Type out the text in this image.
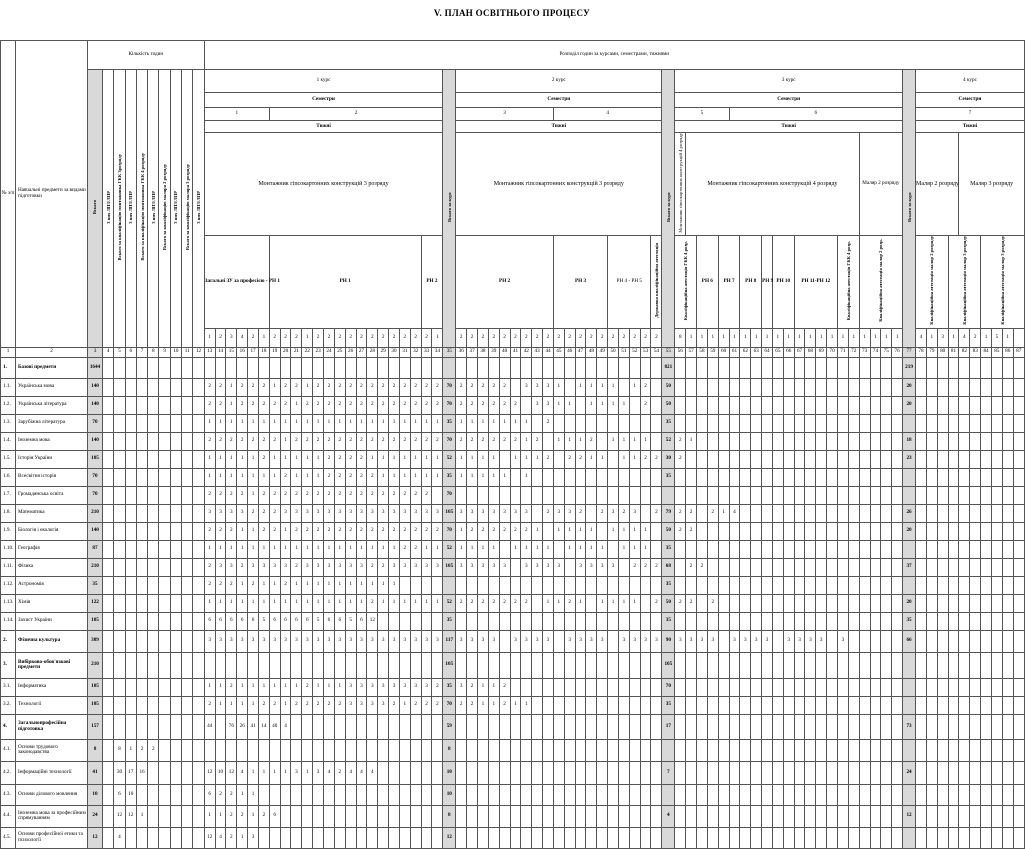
V. ПЛАН ОСВІТНЬОГО ПРОЦЕСУ
№ з/п	Навчальні предмети за видами підготовки	Кількість годин	Розподіл годин за курсами, семестрами, тижнями
Всього	З них ЛПЗ/ЛПР	Всього за кваліфікацію монтажника ГКК 3розряду	З них ЛПЗ/ЛПР	Всього за кваліфікацію монтажника ГКК 4 розряду	З них ЛПЗ/ЛПР	Всього за кваліфікацію маляра 2 розряду	З них ЛПЗ/ЛПР	Всього за кваліфікацію маляра 3 розряду	З них ЛПЗ/ЛПР	1 курс	Всього за курс	2 курс	Всього за курс	3 курс	Всього за курс	4 курс
Семестри	Семестри	Семестри	Семестри
1	2	3	4	5	6	7
Тижні	Тижні	Тижні	Тижні
Монтажник гіпсокартонних конструкцій 3 розряду	Монтажник гіпсокартонних конструкцій 3 розряду	Монтажник гіпсокартонних конструкцій 4 розряду	Монтажник гіпсокартонних конструкцій 4 розряду	Маляр 2 розряду	Маляр 2 розряду	Маляр 3 розряду
Загальні ЗУ за професією - РН 1	РН 1	РН 2	РН 2	РН 3	РН 4 - РН 5	Державна кваліфікаційна атестація	Кваліфікаційна атестація ГКК 4 розр.	РН 6	РН 7	РН 8	РН 9	РН 10	РН 11-РН 12	Кваліфікаційна атестація ГКК 4 розр.	Кваліфікаційна атестація маляр 2 розр.	Кваліфікаційна атестація маляр 2 розряду	Кваліфікаційна атестація маляр 3 розряду	Кваліфікаційна атестація маляр 3 розряду
1	2	3	4	2	1	2	2	2	1	2	2	2	2	2	2	2	2	2	2	2	1	2	2	2	2	2	2	2	2	2	2	2	2	2	2	2	2	2	2	2	8	1	1	1	1	1	1	1	1	1	1	1	1	1	1	1	1	1	1	1	1	4	1	3	1	4	2	1	5	1	
1	2	3	4	5	6	7	8	9	10	11	12	13	14	15	16	17	18	19	20	21	22	23	24	25	26	27	28	29	30	31	32	33	34	35	36	37	38	39	40	41	42	43	44	45	46	47	48	49	50	51	52	53	54	55	56	57	58	59	60	61	62	63	64	65	66	67	68	69	70	71	72	73	74	75	76	77	78	79	80	81	82	83	84	85	86	87
1.	Базові предмети	1644																																																				821																						219										
1.1.	Українська мова	140										2	2	1	2	2	2	1	2	2	1	2	2	2	2	2	2	2	2	2	2	2	2	70	2	2	2	2	2		3	3	3	1		1	1	1	1		1	2		50																						20										
1.2.	Українська література	140										2	2	1	2	2	2	2	2	1	2	2	2	2	2	2	2	2	2	2	2	2	2	70	2	2	2	2	2	2		3	3	1	1		1	1	1	1		2		50																						20										
1.3.	Зарубіжна література	70										1	1	1	1	1	1	1	1	1	1	1	1	1	1	1	1	1	1	1	1	1	1	35	1	1	1	1	1	1	1		2											35																																
1.4.	Іноземна мова	140										2	2	2	2	2	2	2	1	2	2	2	2	2	2	2	2	2	2	2	2	2	2	70	2	2	2	2	2	2	1	2		1	1	1	2		1	1	1	1		52	2	1																				18										
1.5.	Історія України	105										1	1	1	1	1	2	1	1	1	1	1	2	2	2	2	1	1	1	1	1	1	1	52	1	1	1	1		1	1	1	2		2	2	1	1		1	1	2	2	30	2																					23										
1.6.	Всесвітня історія	70										1	1	1	1	1	1	1	2	1	1	1	2	2	2	2	2	1	1	1	1	1	1	35	1	1	1	1	1		1													35																																
1.7.	Громадянська освіта	70										2	2	2	2	1	2	2	2	2	2	2	2	2	2	2	2	2	2	2	2	2		70																																																				
1.8.	Математика	210										3	3	3	3	2	2	2	3	3	3	3	3	3	3	3	3	3	3	3	3	3	3	105	3	3	3	3	3	3	3		2	3	3	2		2	3	2	3		2	79	2	2		2	1	4																26										
1.9.	Біологія і екологія	140										2	2	2	1	1	2	2	1	2	2	2	2	2	2	2	2	2	2	2	2	2	2	70	1	2	2	2	2	2	2	1		1	1	1	1		1	1	1	1		50	2	2																				20										
1.10.	Географія	87										1	1	1	1	1	1	1	1	1	1	1	1	1	1	1	1	1	1	2	2	1	1	52	1	1	1	1		1	1	1	1		1	1	1	1		1	1	1		35																																
1.11.	Фізика	210										2	3	3	2	3	3	3	3	2	3	3	3	3	3	3	2	2	3	3	3	3	3	105	3	3	3	3	3		3	3	3	3		3	3	3	3		2	2	2	68		2	2																			37										
1.12.	Астрономія	35										2	2	2	1	2	1	1	2	1	1	1	1	1	1	1	1	1	1																									35																																
1.13.	Хімія	122										1	1	1	1	1	1	1	1	1	1	1	1	1	1	1	2	1	1	1	1	1	1	52	2	2	2	2	2	2	2		1	1	2	1		1	1	1	1		2	50	2	2		2																		20										
1.14.	Захист України	105										6	6	6	6	6	5	6	6	6	6	5	6	6	5	6	12							35																				35																						35										
2.	Фізична культура	309										3	3	3	3	3	3	3	3	3	3	3	3	3	3	3	3	3	3	3	3	3	3	117	3	3	3	3		3	3	3	3		3	3	3	3		3	3	3	3	90	3	3	3	3		3	3	3	3		3	3	3	3		3						66										
3.	Вибірково-обов'язкові предмети	210																																105																				105																																
3.1.	Інформатика	105										1	1	2	1	1	1	1	1	1	2	1	1	1	3	3	3	3	3	3	3	3	2	35	3	2	1	1	2															70																																
3.2.	Технології	105										2	1	1	1	1	2	2	1	2	2	2	2	2	3	3	3	3	2	1	2	2	2	70	2	2	1	1	2	1	1													35																																
4.	Загальнопрофесійна підготовка	157										44		76	26	41	14	40	4															59																				17																						73										
4.1.	Основи трудового законодавства	8		8	1	2	2																											8																																																				
4.2.	Інформаційні технології	41		30	17	16						12	10	12	4	1	1	1	1	3	1	3	4	2	4	4	4							10																				7																						24										
4.3.	Основи ділового мовлення	10		6	10							6	2	2	1	1																		10																																																				
4.4.	Іноземна мова за професійним спрямуванням	24		12	12	1						1	1	2	2	1	2	6																8																				4																						12										
4.5.	Основи професійної етики та психології	12		4								12	4	2	1	3																		12																																																				
